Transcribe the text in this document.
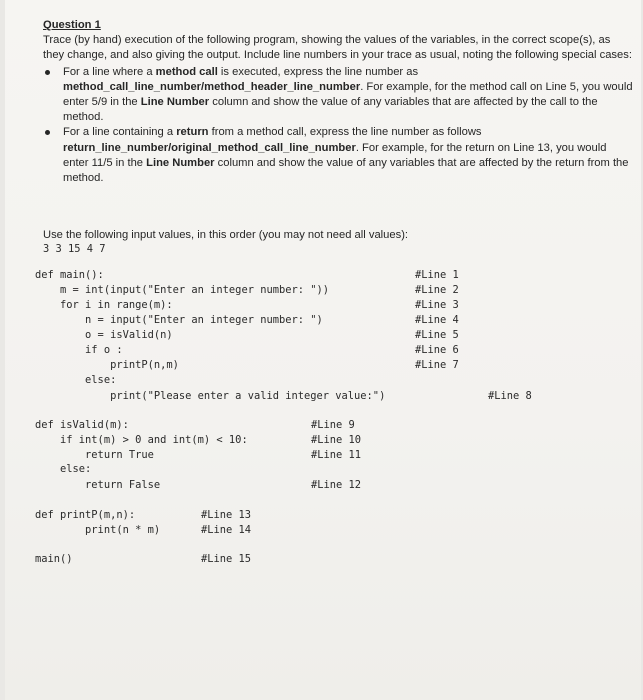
Question 1

Trace (by hand) execution of the following program, showing the values of the variables, in the correct scope(s), as they change, and also giving the output. Include line numbers in your trace as usual, noting the following special cases:

For a line where a method call is executed, express the line number as method_call_line_number/method_header_line_number. For example, for the method call on Line 5, you would enter 5/9 in the Line Number column and show the value of any variables that are affected by the call to the method.
For a line containing a return from a method call, express the line number as follows return_line_number/original_method_call_line_number. For example, for the return on Line 13, you would enter 11/5 in the Line Number column and show the value of any variables that are affected by the return from the method.
Use the following input values, in this order (you may not need all values):
3 3 15 4 7
def main():	#Line 1
m = int(input("Enter an integer number: "))	#Line 2
for i in range(m):	#Line 3
n = input("Enter an integer number: ")	#Line 4
o = isValid(n)	#Line 5
if o :	#Line 6
printP(n,m)	#Line 7
else:
print("Please enter a valid integer value:")	#Line 8
def isValid(m):	#Line 9
if int(m) > 0 and int(m) < 10:	#Line 10
return True	#Line 11
else:
return False	#Line 12
def printP(m,n):	#Line 13
print(n * m)	#Line 14
main()	#Line 15
